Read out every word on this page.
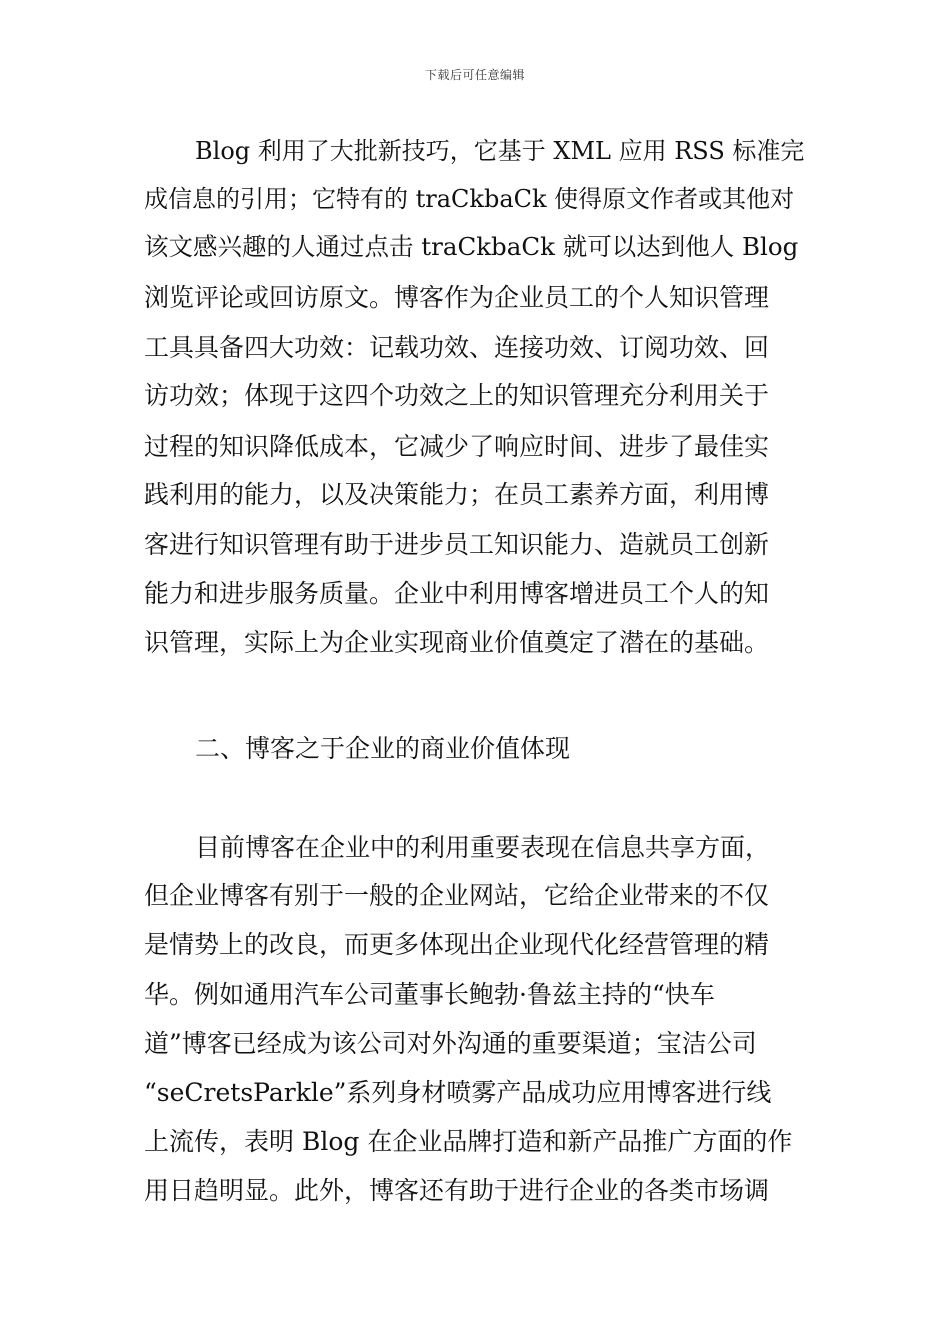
下载后可任意编辑
Blog 利用了大批新技巧，它基于 XML 应用 RSS 标准完
成信息的引用；它特有的 traCkbaCk 使得原文作者或其他对
该文感兴趣的人通过点击 traCkbaCk 就可以达到他人 Blog
浏览评论或回访原文。博客作为企业员工的个人知识管理
工具具备四大功效：记载功效、连接功效、订阅功效、回
访功效；体现于这四个功效之上的知识管理充分利用关于
过程的知识降低成本，它减少了响应时间、进步了最佳实
践利用的能力，以及决策能力；在员工素养方面，利用博
客进行知识管理有助于进步员工知识能力、造就员工创新
能力和进步服务质量。企业中利用博客增进员工个人的知
识管理，实际上为企业实现商业价值奠定了潜在的基础。
二、博客之于企业的商业价值体现
目前博客在企业中的利用重要表现在信息共享方面，
但企业博客有别于一般的企业网站，它给企业带来的不仅
是情势上的改良，而更多体现出企业现代化经营管理的精
华。例如通用汽车公司董事长鲍勃·鲁兹主持的“快车
道”博客已经成为该公司对外沟通的重要渠道；宝洁公司
“seCretsParkle”系列身材喷雾产品成功应用博客进行线
上流传，表明 Blog 在企业品牌打造和新产品推广方面的作
用日趋明显。此外，博客还有助于进行企业的各类市场调
